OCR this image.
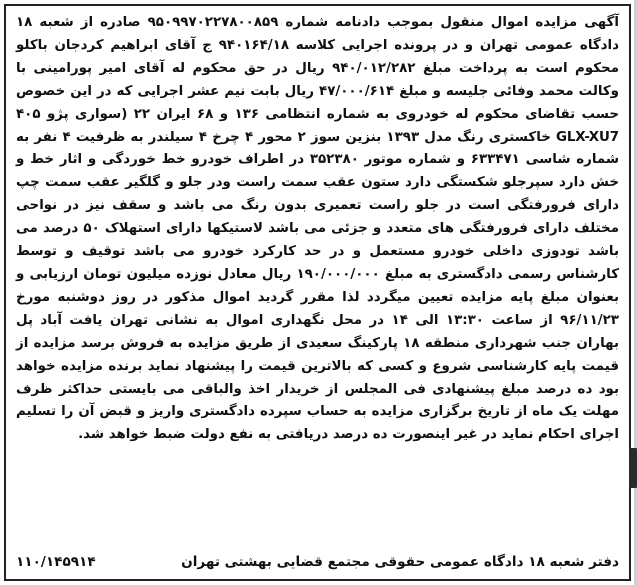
آگهی مزایده اموال منقول بموجب دادنامه شماره ۹۵۰۹۹۷۰۲۲۷۸۰۰۸۵۹ صادره از شعبه ۱۸ دادگاه عمومی تهران و در پرونده اجرایی کلاسه ۹۴۰۱۶۴/۱۸ ج آقای ابراهیم کردجان باکلو محکوم است به پرداخت مبلغ ۹۴۰/۰۱۲/۲۸۲ ریال در حق محکوم له آقای امیر پورامینی با وکالت محمد وفائی جلیسه و مبلغ ۴۷/۰۰۰/۶۱۴ ریال بابت نیم عشر اجرایی که در این خصوص حسب تقاضای محکوم له خودروی به شماره انتظامی ۱۳۶ و ۶۸ ایران ۲۲ (سواری پژو ۴۰۵ GLX-XU7 خاکستری رنگ مدل ۱۳۹۳ بنزین سوز ۲ محور ۴ چرخ ۴ سیلندر به ظرفیت ۴ نفر به شماره شاسی ۶۳۳۴۷۱ و شماره موتور ۳۵۲۳۸۰ در اطراف خودرو خط خوردگی و اثار خط و خش دارد سپرجلو شکستگی دارد ستون عقب سمت راست ودر جلو و گلگیر عقب سمت چپ دارای فرورفتگی است در جلو راست تعمیری بدون رنگ می باشد و سقف نیز در نواحی مختلف دارای فرورفتگی های متعدد و جزئی می باشد لاستیکها دارای استهلاک ۵۰ درصد می باشد تودوزی داخلی خودرو مستعمل و در حد کارکرد خودرو می باشد توقیف و توسط کارشناس رسمی دادگستری به مبلغ ۱۹۰/۰۰۰/۰۰۰ ریال معادل نوزده میلیون تومان ارزیابی و بعنوان مبلغ پایه مزایده تعیین میگردد لذا مقرر گردید اموال مذکور در روز دوشنبه مورخ ۹۶/۱۱/۲۳ از ساعت ۱۳:۳۰ الی ۱۴ در محل نگهداری اموال به نشانی تهران یافت آباد پل بهاران جنب شهرداری منطقه ۱۸ پارکینگ سعیدی از طریق مزایده به فروش برسد مزایده از قیمت پایه کارشناسی شروع و کسی که بالاترین قیمت را پیشنهاد نماید برنده مزایده خواهد بود ده درصد مبلغ پیشنهادی فی المجلس از خریدار اخذ والباقی می بایستی حداکثر ظرف مهلت یک ماه از تاریخ برگزاری مزایده به حساب سپرده دادگستری واریز و قبض آن را تسلیم اجرای احکام نماید در غیر اینصورت ده درصد دریافتی به نفع دولت ضبط خواهد شد.

دفتر شعبه ۱۸ دادگاه عمومی حقوقی مجتمع قضایی بهشتی تهران
۱۱۰/۱۴۵۹۱۴
